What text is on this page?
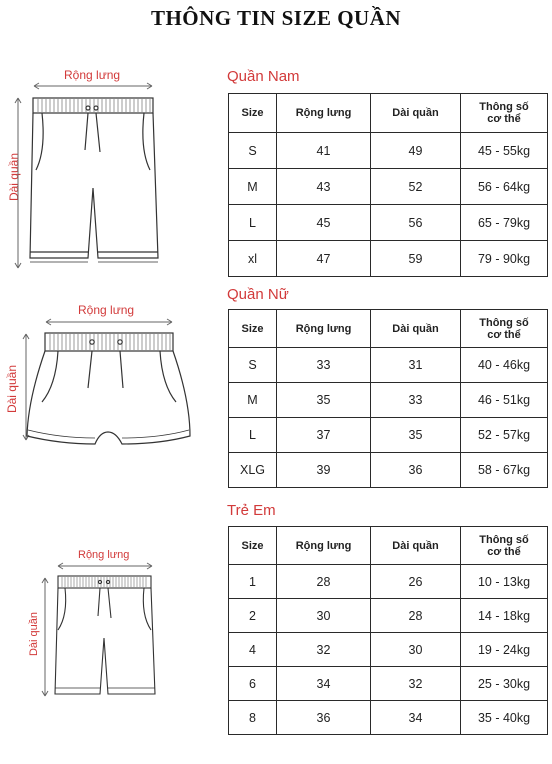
THÔNG TIN SIZE QUẦN
Quần Nam
Rộng lưng
Dài quần
Size	Rộng lưng	Dài quần	Thông số
cơ thể
S	41	49	45 - 55kg
M	43	52	56 - 64kg
L	45	56	65 - 79kg
xl	47	59	79 - 90kg
Quần Nữ
Rộng lưng
Dài quần
Size	Rộng lưng	Dài quần	Thông số
cơ thể
S	33	31	40 - 46kg
M	35	33	46 - 51kg
L	37	35	52 - 57kg
XLG	39	36	58 - 67kg
Trẻ Em
Rộng lưng
Dài quần
Size	Rộng lưng	Dài quần	Thông số
cơ thể
1	28	26	10 - 13kg
2	30	28	14 - 18kg
4	32	30	19 - 24kg
6	34	32	25 - 30kg
8	36	34	35 - 40kg
